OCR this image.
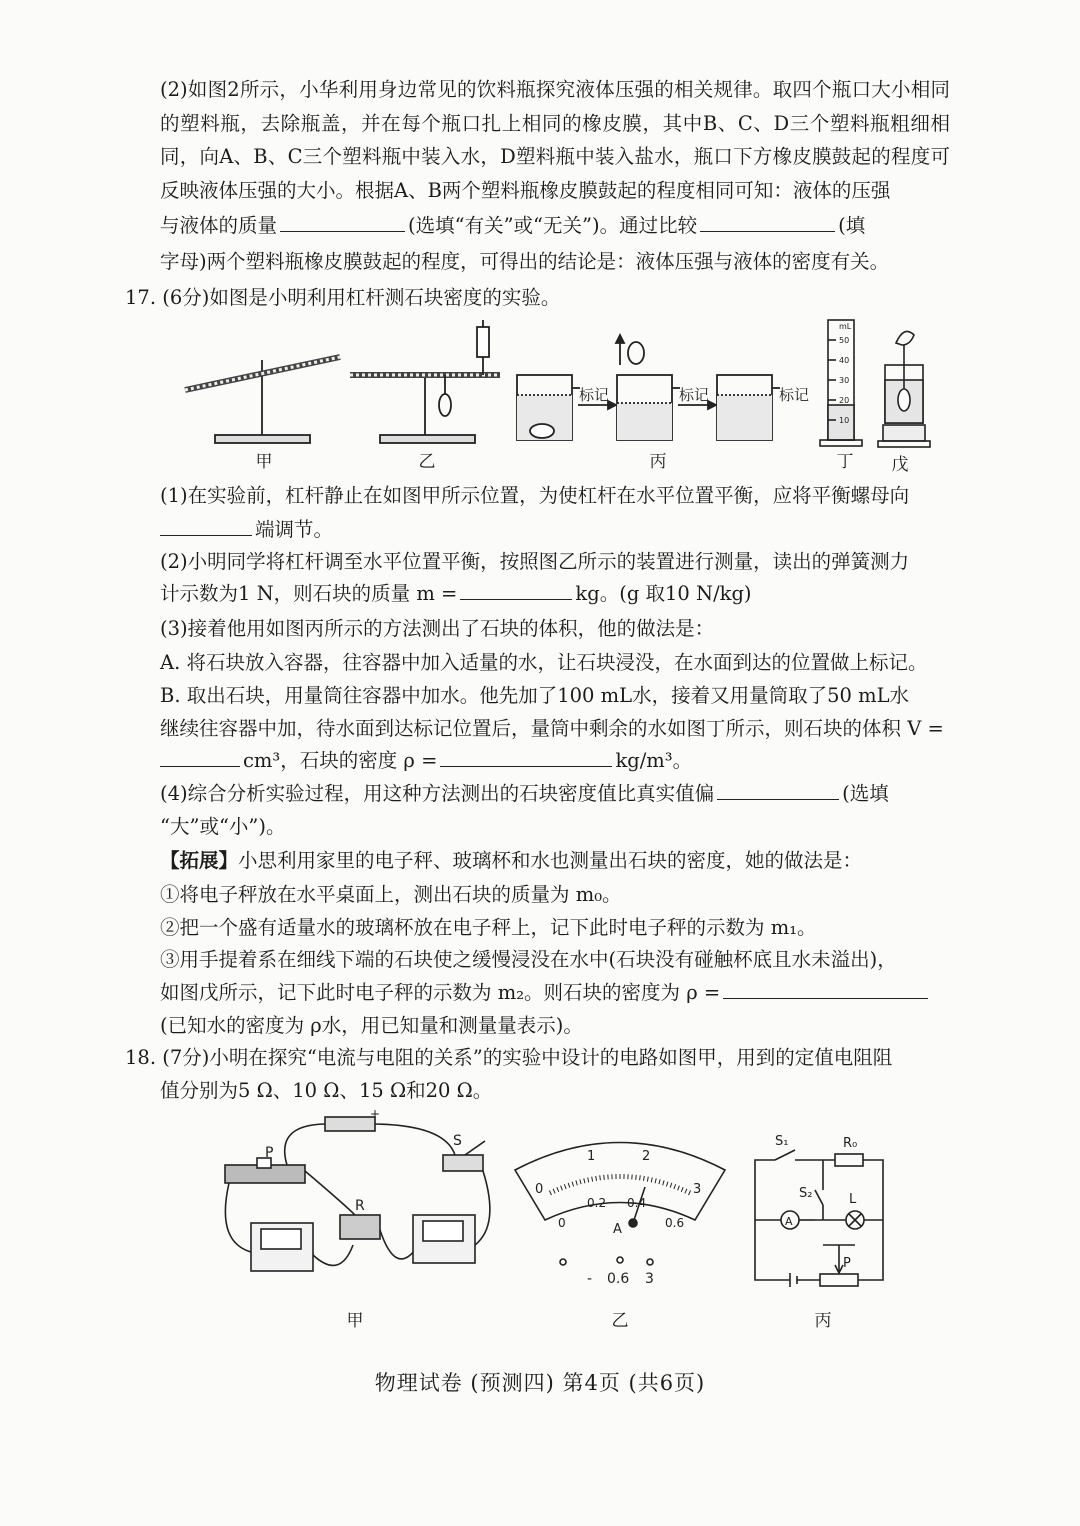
(2)如图2所示，小华利用身边常见的饮料瓶探究液体压强的相关规律。取四个瓶口大小相同的塑料瓶，去除瓶盖，并在每个瓶口扎上相同的橡皮膜，其中B、C、D三个塑料瓶粗细相同，向A、B、C三个塑料瓶中装入水，D塑料瓶中装入盐水，瓶口下方橡皮膜鼓起的程度可反映液体压强的大小。根据A、B两个塑料瓶橡皮膜鼓起的程度相同可知：液体的压强
与液体的质量	(选填“有关”或“无关”)。通过比较	(填
字母)两个塑料瓶橡皮膜鼓起的程度，可得出的结论是：液体压强与液体的密度有关。
17. (6分)如图是小明利用杠杆测石块密度的实验。
标记	标记	标记
mL
50
40
30
20
10
甲	乙	丙	丁	戊
(1)在实验前，杠杆静止在如图甲所示位置，为使杠杆在水平位置平衡，应将平衡螺母向
端调节。
(2)小明同学将杠杆调至水平位置平衡，按照图乙所示的装置进行测量，读出的弹簧测力
计示数为1 N，则石块的质量 m =	kg。(g 取10 N/kg)
(3)接着他用如图丙所示的方法测出了石块的体积，他的做法是：
A. 将石块放入容器，往容器中加入适量的水，让石块浸没，在水面到达的位置做上标记。
B. 取出石块，用量筒往容器中加水。他先加了100 mL水，接着又用量筒取了50 mL水
继续往容器中加，待水面到达标记位置后，量筒中剩余的水如图丁所示，则石块的体积 V =
cm³，石块的密度 ρ =	kg/m³。
(4)综合分析实验过程，用这种方法测出的石块密度值比真实值偏	(选填
“大”或“小”)。
【拓展】小思利用家里的电子秤、玻璃杯和水也测量出石块的密度，她的做法是：
①将电子秤放在水平桌面上，测出石块的质量为 m₀。
②把一个盛有适量水的玻璃杯放在电子秤上，记下此时电子秤的示数为 m₁。
③用手提着系在细线下端的石块使之缓慢浸没在水中(石块没有碰触杯底且水未溢出)，
如图戊所示，记下此时电子秤的示数为 m₂。则石块的密度为 ρ =
(已知水的密度为 ρ水，用已知量和测量量表示)。
18. (7分)小明在探究“电流与电阻的关系”的实验中设计的电路如图甲，用到的定值电阻阻
值分别为5 Ω、10 Ω、15 Ω和20 Ω。
P
S
R
+
0
1	2
3
0
0.2 0.4
0.6
A
- 0.6 3
S₁	R₀
S₂	L
A
P
甲	乙	丙
物理试卷 (预测四) 第4页 (共6页)
